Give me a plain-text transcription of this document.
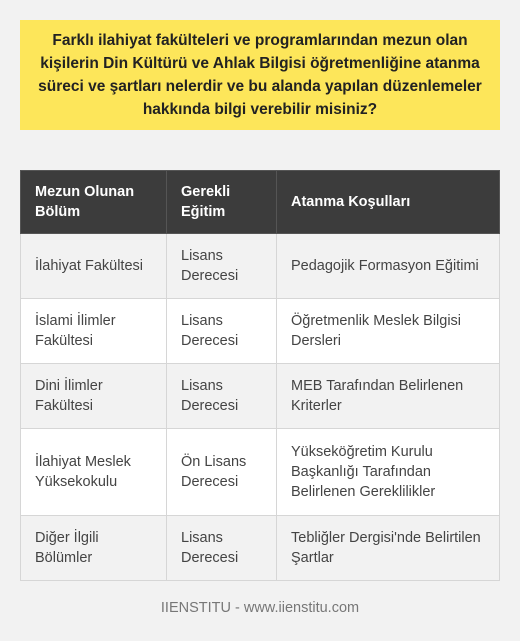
Farklı ilahiyat fakülteleri ve programlarından mezun olan kişilerin Din Kültürü ve Ahlak Bilgisi öğretmenliğine atanma süreci ve şartları nelerdir ve bu alanda yapılan düzenlemeler hakkında bilgi verebilir misiniz?
Mezun Olunan Bölüm	Gerekli Eğitim	Atanma Koşulları
İlahiyat Fakültesi	Lisans Derecesi	Pedagojik Formasyon Eğitimi
İslami İlimler Fakültesi	Lisans Derecesi	Öğretmenlik Meslek Bilgisi Dersleri
Dini İlimler Fakültesi	Lisans Derecesi	MEB Tarafından Belirlenen Kriterler
İlahiyat Meslek Yüksekokulu	Ön Lisans Derecesi	Yükseköğretim Kurulu Başkanlığı Tarafından Belirlenen Gereklilikler
Diğer İlgili Bölümler	Lisans Derecesi	Tebliğler Dergisi'nde Belirtilen Şartlar
IIENSTITU - www.iienstitu.com
